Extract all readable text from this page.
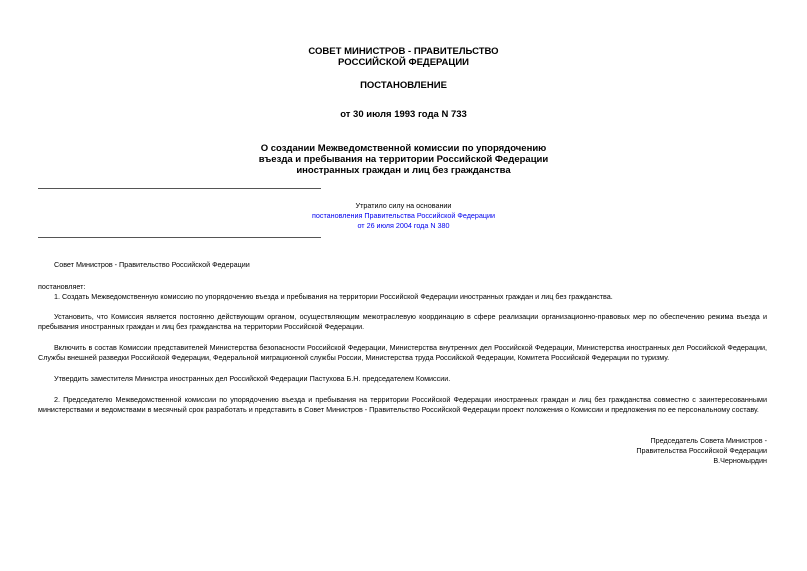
СОВЕТ МИНИСТРОВ - ПРАВИТЕЛЬСТВО
РОССИЙСКОЙ ФЕДЕРАЦИИ
ПОСТАНОВЛЕНИЕ
от 30 июля 1993 года N 733
О создании Межведомственной комиссии по упорядочению
въезда и пребывания на территории Российской Федерации
иностранных граждан и лиц без гражданства
Утратило силу на основании
постановления Правительства Российской Федерации
от 26 июля 2004 года N 380
Совет Министров - Правительство Российской Федерации
постановляет:
1. Создать Межведомственную комиссию по упорядочению въезда и пребывания на территории Российской Федерации иностранных граждан и лиц без гражданства.
Установить, что Комиссия является постоянно действующим органом, осуществляющим межотраслевую координацию в сфере реализации организационно-правовых мер по обеспечению режима въезда и пребывания иностранных граждан и лиц без гражданства на территории Российской Федерации.
Включить в состав Комиссии представителей Министерства безопасности Российской Федерации, Министерства внутренних дел Российской Федерации, Министерства иностранных дел Российской Федерации, Службы внешней разведки Российской Федерации, Федеральной миграционной службы России, Министерства труда Российской Федерации, Комитета Российской Федерации по туризму.
Утвердить заместителя Министра иностранных дел Российской Федерации Пастухова Б.Н. председателем Комиссии.
2. Председателю Межведомственной комиссии по упорядочению въезда и пребывания на территории Российской Федерации иностранных граждан и лиц без гражданства совместно с заинтересованными министерствами и ведомствами в месячный срок разработать и представить в Совет Министров - Правительство Российской Федерации проект положения о Комиссии и предложения по ее персональному составу.
Председатель Совета Министров -
Правительства Российской Федерации
В.Черномырдин
